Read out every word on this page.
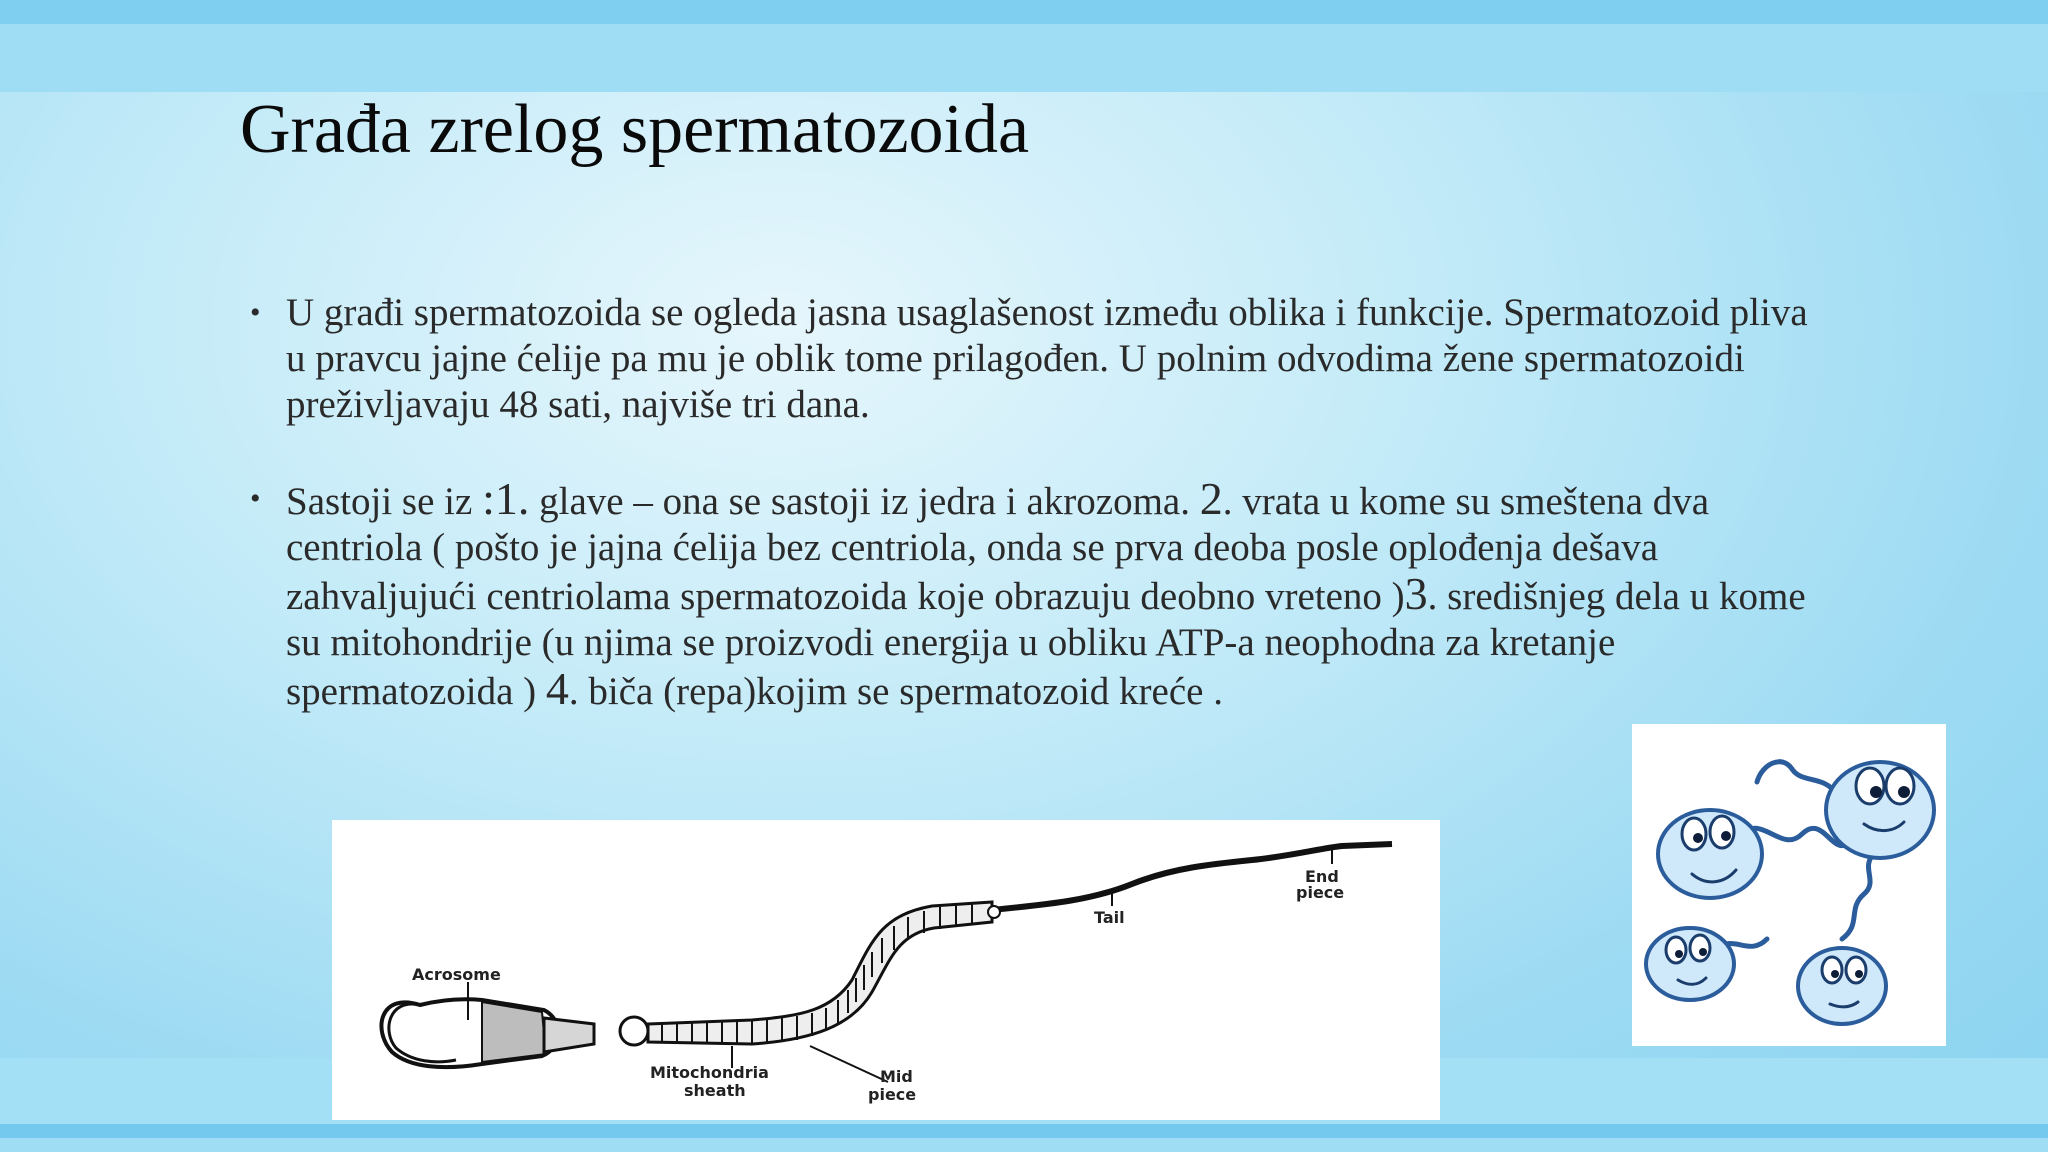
Građa zrelog spermatozoida
• U građi spermatozoida se ogleda jasna usaglašenost između oblika i funkcije. Spermatozoid pliva u pravcu jajne ćelije pa mu je oblik tome prilagođen. U polnim odvodima žene spermatozoidi preživljavaju 48 sati, najviše tri dana.
• Sastoji se iz :1. glave – ona se sastoji iz jedra i akrozoma. 2. vrata u kome su smeštena dva centriola ( pošto je jajna ćelija bez centriola, onda se prva deoba posle oplođenja dešava zahvaljujući centriolama spermatozoida koje obrazuju deobno vreteno )3. središnjeg dela u kome su mitohondrije (u njima se proizvodi energija u obliku ATP-a neophodna za kretanje spermatozoida ) 4. biča (repa)kojim se spermatozoid kreće .
Acrosome
Mitochondria
sheath
Mid
piece
Tail
End
piece
